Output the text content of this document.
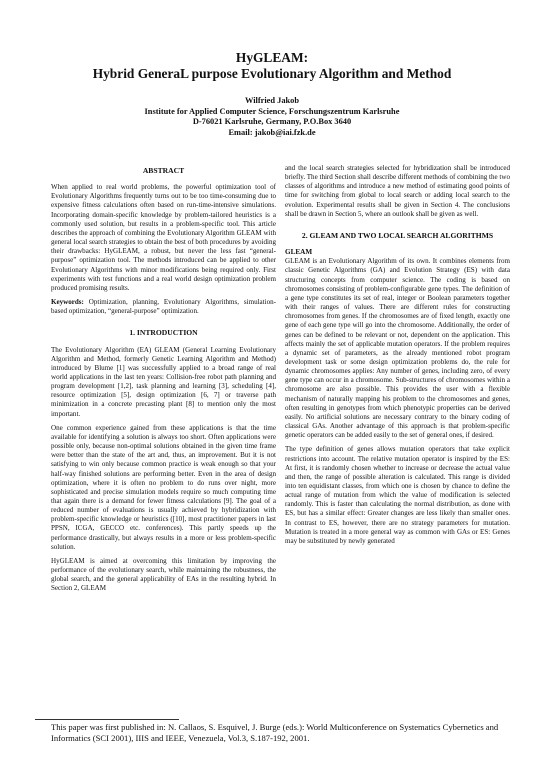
HyGLEAM:
Hybrid GeneraL purpose Evolutionary Algorithm and Method
Wilfried Jakob
Institute for Applied Computer Science, Forschungszentrum Karlsruhe
D-76021 Karlsruhe, Germany, P.O.Box 3640
Email: jakob@iai.fzk.de
ABSTRACT

When applied to real world problems, the powerful optimization tool of Evolutionary Algorithms frequently turns out to be too time-consuming due to expensive fitness calculations often based on run-time-intensive simulations. Incorporating domain-specific knowledge by problem-tailored heuristics is a commonly used solution, but results in a problem-specific tool. This article describes the approach of combining the Evolutionary Algorithm GLEAM with general local search strategies to obtain the best of both procedures by avoiding their drawbacks: HyGLEAM, a robust, but never the less fast “general-purpose” optimization tool. The methods introduced can be applied to other Evolutionary Algorithms with minor modifications being required only. First experiments with test functions and a real world design optimization problem produced promising results.

Keywords: Optimization, planning, Evolutionary Algorithms, simulation-based optimization, “general-purpose” optimization.

1. INTRODUCTION

The Evolutionary Algorithm (EA) GLEAM (General Learning Evolutionary Algorithm and Method, formerly Genetic Learning Algorithm and Method) introduced by Blume [1] was successfully applied to a broad range of real world applications in the last ten years: Collision-free robot path planning and program development [1,2], task planning and learning [3], scheduling [4], resource optimization [5], design optimization [6, 7] or traverse path minimization in a concrete precasting plant [8] to mention only the most important.

One common experience gained from these applications is that the time available for identifying a solution is always too short. Often applications were possible only, because non-optimal solutions obtained in the given time frame were better than the state of the art and, thus, an improvement. But it is not satisfying to win only because common practice is weak enough so that your half-way finished solutions are performing better. Even in the area of design optimization, where it is often no problem to do runs over night, more sophisticated and precise simulation models require so much computing time that again there is a demand for fewer fitness calculations [9]. The goal of a reduced number of evaluations is usually achieved by hybridization with problem-specific knowledge or heuristics ([10], most practitioner papers in last PPSN, ICGA, GECCO etc. conferences). This partly speeds up the performance drastically, but always results in a more or less problem-specific solution.

HyGLEAM is aimed at overcoming this limitation by improving the performance of the evolutionary search, while maintaining the robustness, the global search, and the general applicability of EAs in the resulting hybrid. In Section 2, GLEAM

and the local search strategies selected for hybridization shall be introduced briefly. The third Section shall describe different methods of combining the two classes of algorithms and introduce a new method of estimating good points of time for switching from global to local search or adding local search to the evolution. Experimental results shall be given in Section 4. The conclusions shall be drawn in Section 5, where an outlook shall be given as well.

2. GLEAM AND TWO LOCAL SEARCH ALGORITHMS
GLEAM

GLEAM is an Evolutionary Algorithm of its own. It combines elements from classic Genetic Algorithms (GA) and Evolution Strategy (ES) with data structuring concepts from computer science. The coding is based on chromosomes consisting of problem-configurable gene types. The definition of a gene type constitutes its set of real, integer or Boolean parameters together with their ranges of values. There are different rules for constructing chromosomes from genes. If the chromosomes are of fixed length, exactly one gene of each gene type will go into the chromosome. Additionally, the order of genes can be defined to be relevant or not, dependent on the application. This affects mainly the set of applicable mutation operators. If the problem requires a dynamic set of parameters, as the already mentioned robot program development task or some design optimization problems do, the rule for dynamic chromosomes applies: Any number of genes, including zero, of every gene type can occur in a chromosome. Sub-structures of chromosomes within a chromosome are also possible. This provides the user with a flexible mechanism of naturally mapping his problem to the chromosomes and genes, often resulting in genotypes from which phenotypic properties can be derived easily. No artificial solutions are necessary contrary to the binary coding of classical GAs. Another advantage of this approach is that problem-specific genetic operators can be added easily to the set of general ones, if desired.

The type definition of genes allows mutation operators that take explicit restrictions into account. The relative mutation operator is inspired by the ES: At first, it is randomly chosen whether to increase or decrease the actual value and then, the range of possible alteration is calculated. This range is divided into ten equidistant classes, from which one is chosen by chance to define the actual range of mutation from which the value of modification is selected randomly. This is faster than calculating the normal distribution, as done with ES, but has a similar effect: Greater changes are less likely than smaller ones. In contrast to ES, however, there are no strategy parameters for mutation. Mutation is treated in a more general way as common with GAs or ES: Genes may be substituted by newly generated

This paper was first published in: N. Callaos, S. Esquivel, J. Burge (eds.): World Multiconference on Systematics Cybernetics and Informatics (SCI 2001), IIIS and IEEE, Venezuela, Vol.3, S.187-192, 2001.
